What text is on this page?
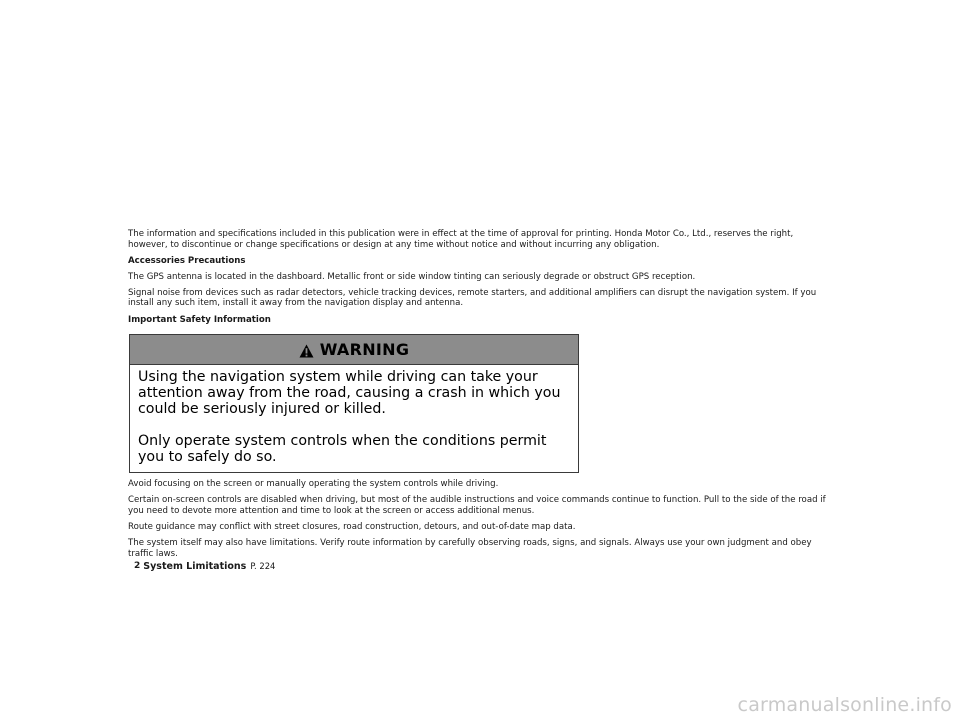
The information and specifications included in this publication were in effect at the time of approval for printing. Honda Motor Co., Ltd., reserves the right, however, to discontinue or change specifications or design at any time without notice and without incurring any obligation.

Accessories Precautions

The GPS antenna is located in the dashboard. Metallic front or side window tinting can seriously degrade or obstruct GPS reception.

Signal noise from devices such as radar detectors, vehicle tracking devices, remote starters, and additional amplifiers can disrupt the navigation system. If you install any such item, install it away from the navigation display and antenna.

Important Safety Information

WARNING

Using the navigation system while driving can take your attention away from the road, causing a crash in which you could be seriously injured or killed.

Only operate system controls when the conditions permit you to safely do so.

Avoid focusing on the screen or manually operating the system controls while driving.

Certain on-screen controls are disabled when driving, but most of the audible instructions and voice commands continue to function. Pull to the side of the road if you need to devote more attention and time to look at the screen or access additional menus.

Route guidance may conflict with street closures, road construction, detours, and out-of-date map data.

The system itself may also have limitations. Verify route information by carefully observing roads, signs, and signals. Always use your own judgment and obey traffic laws.

2 System Limitations P. 224
carmanualsonline.info
